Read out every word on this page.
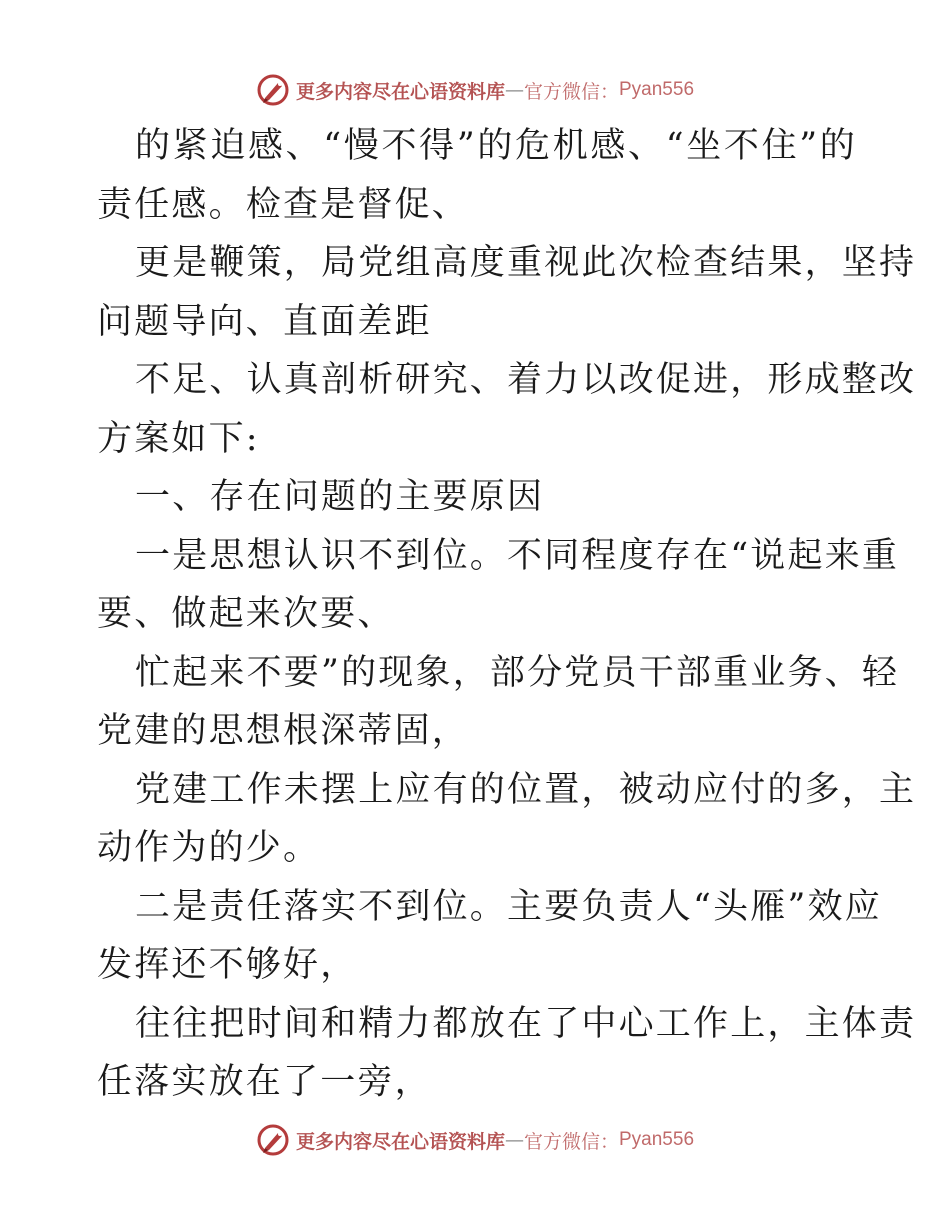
更多内容尽在心语资料库 — 官方微信： Pyan556
的紧迫感、“慢不得”的危机感、“坐不住”的
责任感。检查是督促、
更是鞭策，局党组高度重视此次检查结果，坚持
问题导向、直面差距
不足、认真剖析研究、着力以改促进，形成整改
方案如下:
一、存在问题的主要原因
一是思想认识不到位。不同程度存在“说起来重
要、做起来次要、
忙起来不要”的现象，部分党员干部重业务、轻
党建的思想根深蒂固，
党建工作未摆上应有的位置，被动应付的多，主
动作为的少。
二是责任落实不到位。主要负责人“头雁”效应
发挥还不够好，
往往把时间和精力都放在了中心工作上，主体责
任落实放在了一旁，
更多内容尽在心语资料库 — 官方微信： Pyan556
